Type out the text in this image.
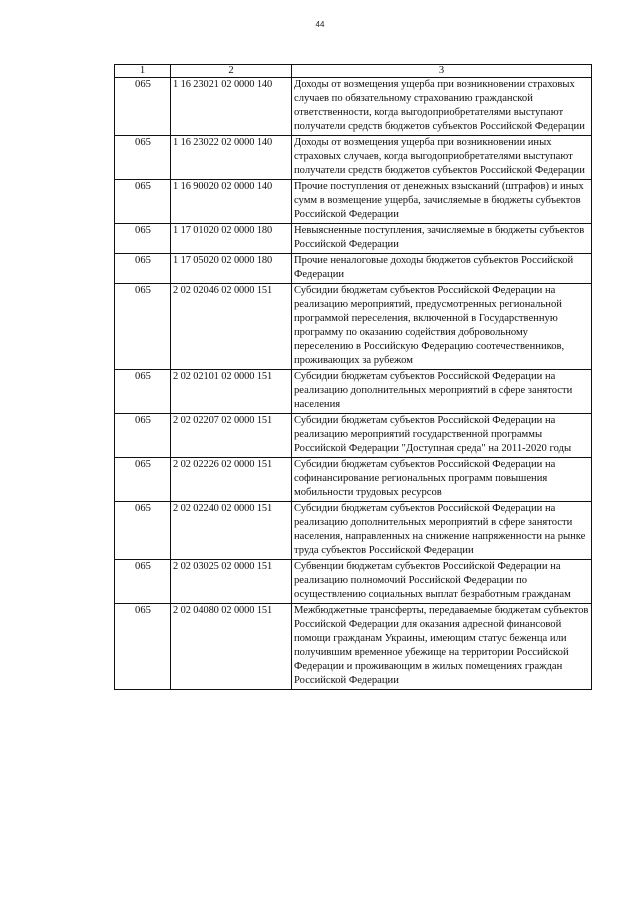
44
1	2	3
065	1 16 23021 02 0000 140	Доходы от возмещения ущерба при возникновении страховых случаев по обязательному страхованию гражданской ответственности, когда выгодоприобретателями выступают получатели средств бюджетов субъектов Российской Федерации
065	1 16 23022 02 0000 140	Доходы от возмещения ущерба при возникновении иных страховых случаев, когда выгодоприобретателями выступают получатели средств бюджетов субъектов Российской Федерации
065	1 16 90020 02 0000 140	Прочие поступления от денежных взысканий (штрафов) и иных сумм в возмещение ущерба, зачисляемые в бюджеты субъектов Российской Федерации
065	1 17 01020 02 0000 180	Невыясненные поступления, зачисляемые в бюджеты субъектов Российской Федерации
065	1 17 05020 02 0000 180	Прочие неналоговые доходы бюджетов субъектов Российской Федерации
065	2 02 02046 02 0000 151	Субсидии бюджетам субъектов Российской Федерации на реализацию мероприятий, предусмотренных региональной программой переселения, включенной в Государственную программу по оказанию содействия добровольному переселению в Российскую Федерацию соотечественников, проживающих за рубежом
065	2 02 02101 02 0000 151	Субсидии бюджетам субъектов Российской Федерации на реализацию дополнительных мероприятий в сфере занятости населения
065	2 02 02207 02 0000 151	Субсидии бюджетам субъектов Российской Федерации на реализацию мероприятий государственной программы Российской Федерации "Доступная среда" на 2011-2020 годы
065	2 02 02226 02 0000 151	Субсидии бюджетам субъектов Российской Федерации на софинансирование региональных программ повышения мобильности трудовых ресурсов
065	2 02 02240 02 0000 151	Субсидии бюджетам субъектов Российской Федерации на реализацию дополнительных мероприятий в сфере занятости населения, направленных на снижение напряженности на рынке труда субъектов Российской Федерации
065	2 02 03025 02 0000 151	Субвенции бюджетам субъектов Российской Федерации на реализацию полномочий Российской Федерации по осуществлению социальных выплат безработным гражданам
065	2 02 04080 02 0000 151	Межбюджетные трансферты, передаваемые бюджетам субъектов Российской Федерации для оказания адресной финансовой помощи гражданам Украины, имеющим статус беженца или получившим временное убежище на территории Российской Федерации и проживающим в жилых помещениях граждан Российской Федерации
